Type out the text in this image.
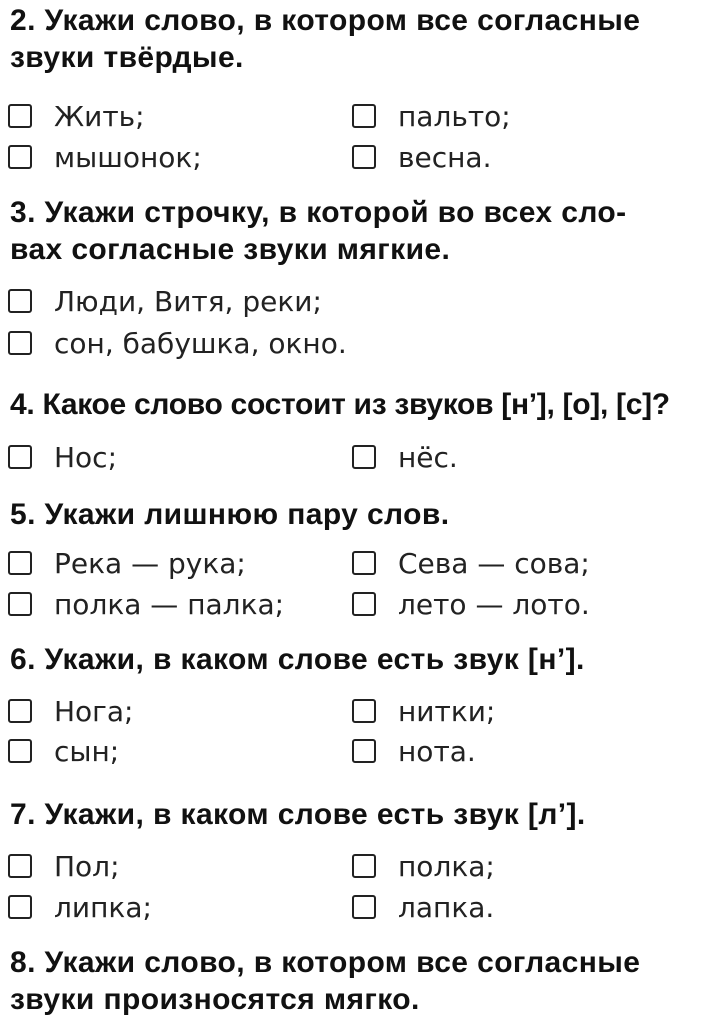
2. Укажи слово, в котором все согласные
звуки твёрдые.
Жить;	пальто;
мышонок;	весна.
3. Укажи строчку, в которой во всех сло-
вах согласные звуки мягкие.
Люди, Витя, реки;
сон, бабушка, окно.
4. Какое слово состоит из звуков [н’], [о], [с]?
Нос;	нёс.
5. Укажи лишнюю пару слов.
Река — рука;	Сева — сова;
полка — палка;	лето — лото.
6. Укажи, в каком слове есть звук [н’].
Нога;	нитки;
сын;	нота.
7. Укажи, в каком слове есть звук [л’].
Пол;	полка;
липка;	лапка.
8. Укажи слово, в котором все согласные
звуки произносятся мягко.
